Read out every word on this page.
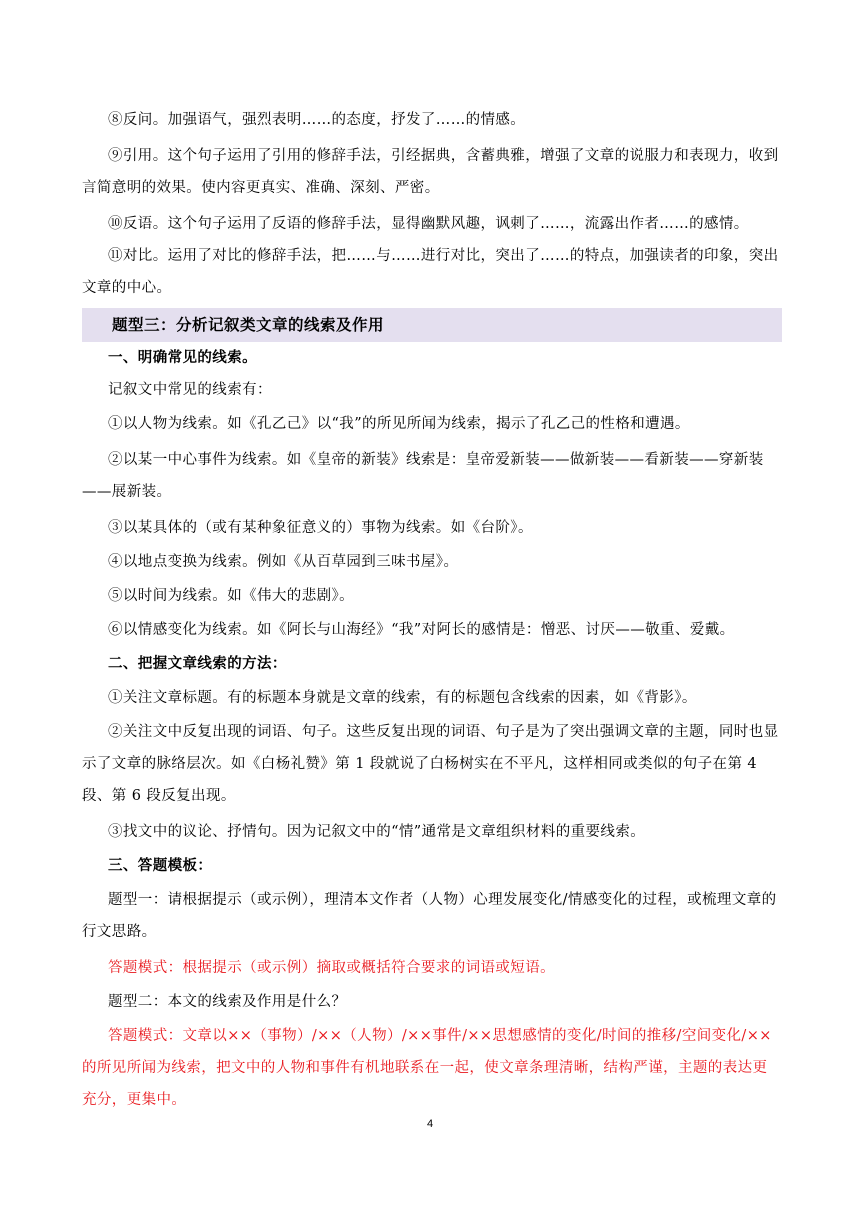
⑧反问。加强语气，强烈表明……的态度，抒发了……的情感。

⑨引用。这个句子运用了引用的修辞手法，引经据典，含蓄典雅，增强了文章的说服力和表现力，收到言简意明的效果。使内容更真实、准确、深刻、严密。

⑩反语。这个句子运用了反语的修辞手法，显得幽默风趣，讽刺了……，流露出作者……的感情。

⑪对比。运用了对比的修辞手法，把……与……进行对比，突出了……的特点，加强读者的印象，突出文章的中心。

题型三：分析记叙类文章的线索及作用

一、明确常见的线索。

记叙文中常见的线索有：

①以人物为线索。如《孔乙己》以“我”的所见所闻为线索，揭示了孔乙己的性格和遭遇。

②以某一中心事件为线索。如《皇帝的新装》线索是：皇帝爱新装——做新装——看新装——穿新装——展新装。

③以某具体的（或有某种象征意义的）事物为线索。如《台阶》。

④以地点变换为线索。例如《从百草园到三味书屋》。

⑤以时间为线索。如《伟大的悲剧》。

⑥以情感变化为线索。如《阿长与山海经》“我”对阿长的感情是：憎恶、讨厌——敬重、爱戴。

二、把握文章线索的方法：

①关注文章标题。有的标题本身就是文章的线索，有的标题包含线索的因素，如《背影》。

②关注文中反复出现的词语、句子。这些反复出现的词语、句子是为了突出强调文章的主题，同时也显示了文章的脉络层次。如《白杨礼赞》第 1 段就说了白杨树实在不平凡，这样相同或类似的句子在第 4 段、第 6 段反复出现。

③找文中的议论、抒情句。因为记叙文中的“情”通常是文章组织材料的重要线索。

三、答题模板：

题型一：请根据提示（或示例），理清本文作者（人物）心理发展变化/情感变化的过程，或梳理文章的行文思路。

答题模式：根据提示（或示例）摘取或概括符合要求的词语或短语。

题型二：本文的线索及作用是什么？

答题模式：文章以××（事物）/××（人物）/××事件/××思想感情的变化/时间的推移/空间变化/××的所见所闻为线索，把文中的人物和事件有机地联系在一起，使文章条理清晰，结构严谨，主题的表达更充分，更集中。

4
